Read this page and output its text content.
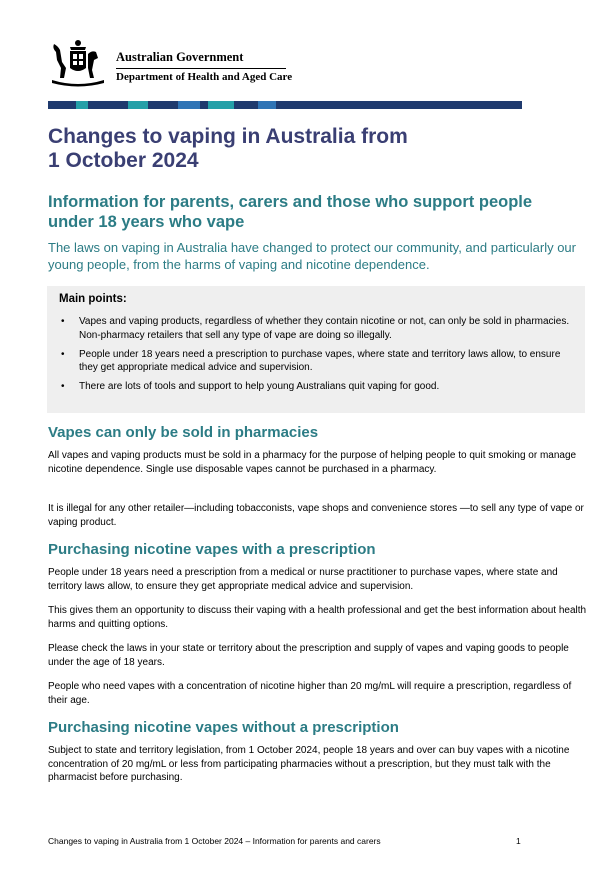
Australian Government
Department of Health and Aged Care
Changes to vaping in Australia from
1 October 2024
Information for parents, carers and those who support people under 18 years who vape

The laws on vaping in Australia have changed to protect our community, and particularly our young people, from the harms of vaping and nicotine dependence.

Main points:

• Vapes and vaping products, regardless of whether they contain nicotine or not, can only be sold in pharmacies. Non-pharmacy retailers that sell any type of vape are doing so illegally.
• People under 18 years need a prescription to purchase vapes, where state and territory laws allow, to ensure they get appropriate medical advice and supervision.
• There are lots of tools and support to help young Australians quit vaping for good.
Vapes can only be sold in pharmacies

All vapes and vaping products must be sold in a pharmacy for the purpose of helping people to quit smoking or manage nicotine dependence. Single use disposable vapes cannot be purchased in a pharmacy.

It is illegal for any other retailer—including tobacconists, vape shops and convenience stores —to sell any type of vape or vaping product.

Purchasing nicotine vapes with a prescription

People under 18 years need a prescription from a medical or nurse practitioner to purchase vapes, where state and territory laws allow, to ensure they get appropriate medical advice and supervision.

This gives them an opportunity to discuss their vaping with a health professional and get the best information about health harms and quitting options.

Please check the laws in your state or territory about the prescription and supply of vapes and vaping goods to people under the age of 18 years.

People who need vapes with a concentration of nicotine higher than 20 mg/mL will require a prescription, regardless of their age.

Purchasing nicotine vapes without a prescription

Subject to state and territory legislation, from 1 October 2024, people 18 years and over can buy vapes with a nicotine concentration of 20 mg/mL or less from participating pharmacies without a prescription, but they must talk with the pharmacist before purchasing.

Changes to vaping in Australia from 1 October 2024 – Information for parents and carers	1
